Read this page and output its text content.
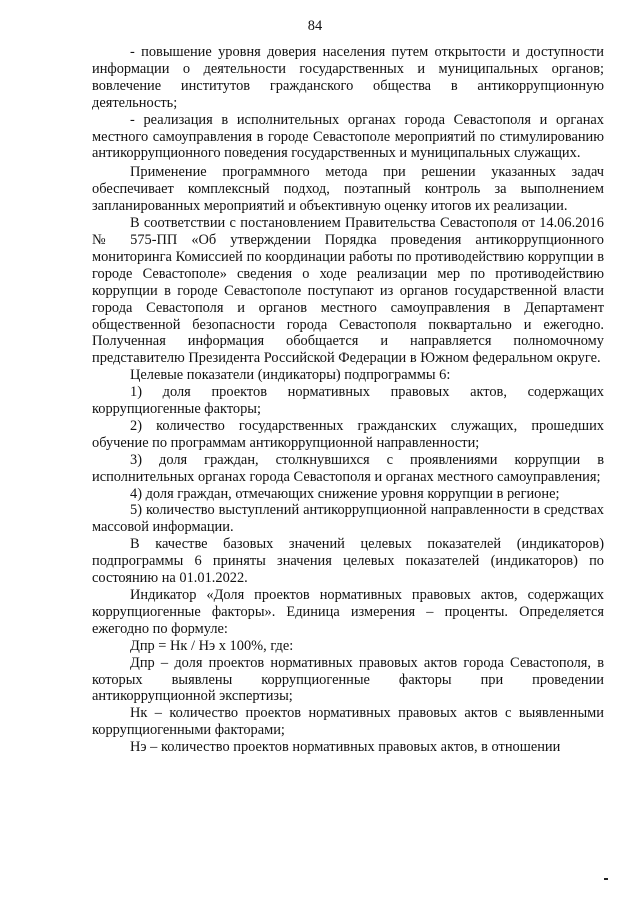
84

- повышение уровня доверия населения путем открытости и доступности информации о деятельности государственных и муниципальных органов; вовлечение институтов гражданского общества в антикоррупционную деятельность;

- реализация в исполнительных органах города Севастополя и органах местного самоуправления в городе Севастополе мероприятий по стимулированию антикоррупционного поведения государственных и муниципальных служащих.

Применение программного метода при решении указанных задач обеспечивает комплексный подход, поэтапный контроль за выполнением запланированных мероприятий и объективную оценку итогов их реализации.

В соответствии с постановлением Правительства Севастополя от 14.06.2016 № 575-ПП «Об утверждении Порядка проведения антикоррупционного мониторинга Комиссией по координации работы по противодействию коррупции в городе Севастополе» сведения о ходе реализации мер по противодействию коррупции в городе Севастополе поступают из органов государственной власти города Севастополя и органов местного самоуправления в Департамент общественной безопасности города Севастополя поквартально и ежегодно. Полученная информация обобщается и направляется полномочному представителю Президента Российской Федерации в Южном федеральном округе.

Целевые показатели (индикаторы) подпрограммы 6:

1) доля проектов нормативных правовых актов, содержащих коррупциогенные факторы;

2) количество государственных гражданских служащих, прошедших обучение по программам антикоррупционной направленности;

3) доля граждан, столкнувшихся с проявлениями коррупции в исполнительных органах города Севастополя и органах местного самоуправления;

4) доля граждан, отмечающих снижение уровня коррупции в регионе;

5) количество выступлений антикоррупционной направленности в средствах массовой информации.

В качестве базовых значений целевых показателей (индикаторов) подпрограммы 6 приняты значения целевых показателей (индикаторов) по состоянию на 01.01.2022.

Индикатор «Доля проектов нормативных правовых актов, содержащих коррупциогенные факторы». Единица измерения – проценты. Определяется ежегодно по формуле:

Дпр = Нк / Нэ х 100%, где:

Дпр – доля проектов нормативных правовых актов города Севастополя, в которых выявлены коррупциогенные факторы при проведении антикоррупционной экспертизы;

Нк – количество проектов нормативных правовых актов с выявленными коррупциогенными факторами;

Нэ – количество проектов нормативных правовых актов, в отношении
